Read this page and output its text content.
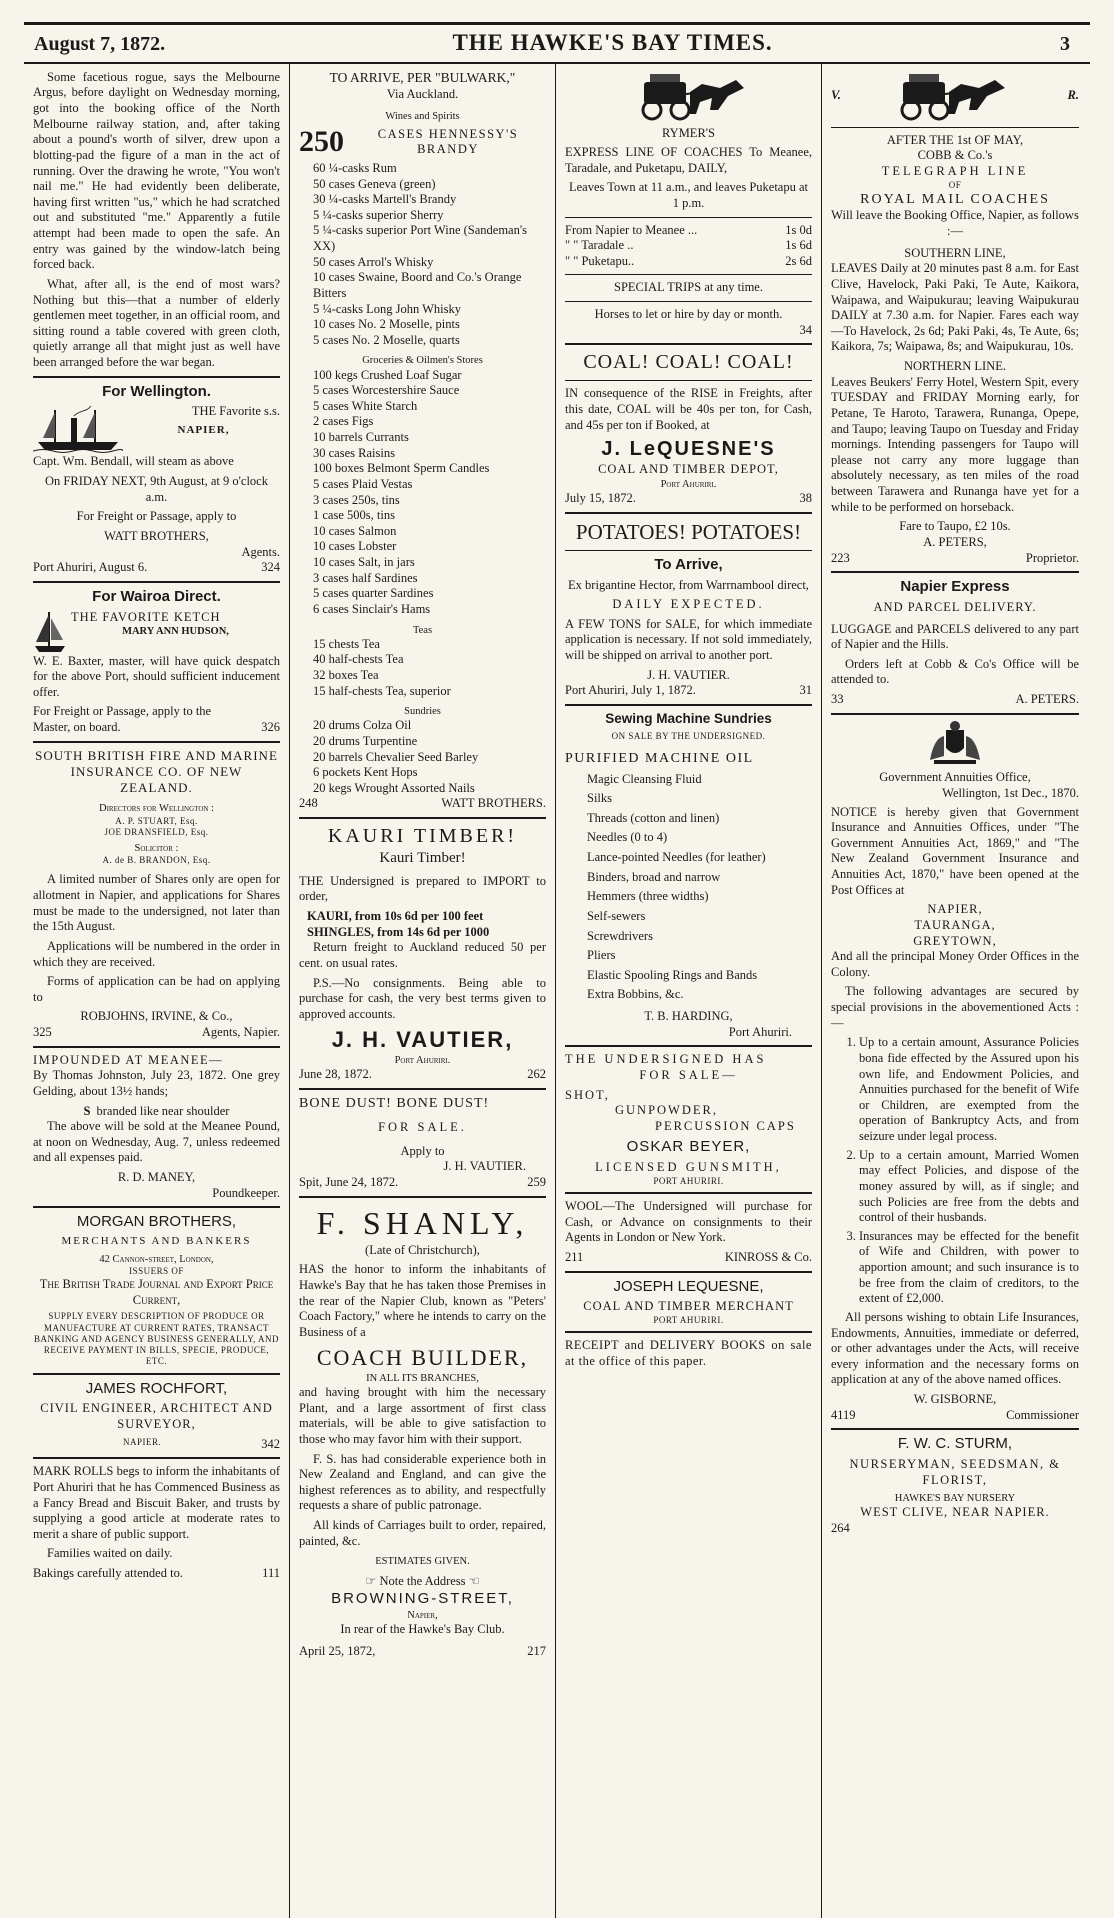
August 7, 1872.	THE HAWKE'S BAY TIMES.	3

Some facetious rogue, says the Melbourne Argus, before daylight on Wednesday morning, got into the booking office of the North Melbourne railway station, and, after taking about a pound's worth of silver, drew upon a blotting-pad the figure of a man in the act of running. Over the drawing he wrote, "You won't nail me." He had evidently been deliberate, having first written "us," which he had scratched out and substituted "me." Apparently a futile attempt had been made to open the safe. An entry was gained by the window-latch being forced back.

What, after all, is the end of most wars? Nothing but this—that a number of elderly gentlemen meet together, in an official room, and sitting round a table covered with green cloth, quietly arrange all that might just as well have been arranged before the war began.

For Wellington.
THE Favorite s.s.
NAPIER,

Capt. Wm. Bendall, will steam as above

On FRIDAY NEXT, 9th August, at 9 o'clock a.m.

For Freight or Passage, apply to

WATT BROTHERS,
Agents.
Port Ahuriri, August 6.	324
For Wairoa Direct.
THE FAVORITE KETCH
MARY ANN HUDSON,

W. E. Baxter, master, will have quick despatch for the above Port, should sufficient inducement offer.

For Freight or Passage, apply to the Master, on board.	326
SOUTH BRITISH FIRE AND MARINE INSURANCE CO. OF NEW ZEALAND.
Directors for Wellington :
A. P. STUART, Esq.
JOE DRANSFIELD, Esq.
Solicitor :
A. de B. BRANDON, Esq.

A limited number of Shares only are open for allotment in Napier, and applications for Shares must be made to the undersigned, not later than the 15th August.

Applications will be numbered in the order in which they are received.

Forms of application can be had on applying to

ROBJOHNS, IRVINE, & Co.,
325	Agents, Napier.
IMPOUNDED AT MEANEE—

By Thomas Johnston, July 23, 1872. One grey Gelding, about 13½ hands;

S branded like near shoulder

The above will be sold at the Meanee Pound, at noon on Wednesday, Aug. 7, unless redeemed and all expenses paid.

R. D. MANEY,
Poundkeeper.
MORGAN BROTHERS,
MERCHANTS AND BANKERS
42 Cannon-street, London,
ISSUERS OF
The British Trade Journal and Export Price Current,
SUPPLY EVERY DESCRIPTION OF PRODUCE OR MANUFACTURE AT CURRENT RATES, TRANSACT BANKING AND AGENCY BUSINESS GENERALLY, AND RECEIVE PAYMENT IN BILLS, SPECIE, PRODUCE, ETC.
JAMES ROCHFORT,
CIVIL ENGINEER, ARCHITECT AND SURVEYOR,
NAPIER.	342

MARK ROLLS begs to inform the inhabitants of Port Ahuriri that he has Commenced Business as a Fancy Bread and Biscuit Baker, and trusts by supplying a good article at moderate rates to merit a share of public support.

Families waited on daily.

Bakings carefully attended to.	111
TO ARRIVE, PER "BULWARK,"
Via Auckland.
Wines and Spirits
250	CASES HENNESSY'S BRANDY
60 ¼-casks Rum
50 cases Geneva (green)
30 ¼-casks Martell's Brandy
5 ¼-casks superior Sherry
5 ¼-casks superior Port Wine (Sandeman's XX)
50 cases Arrol's Whisky
10 cases Swaine, Boord and Co.'s Orange Bitters
5 ¼-casks Long John Whisky
10 cases No. 2 Moselle, pints
5 cases No. 2 Moselle, quarts
Groceries & Oilmen's Stores
100 kegs Crushed Loaf Sugar
5 cases Worcestershire Sauce
5 cases White Starch
2 cases Figs
10 barrels Currants
30 cases Raisins
100 boxes Belmont Sperm Candles
5 cases Plaid Vestas
3 cases 250s, tins
1 case 500s, tins
10 cases Salmon
10 cases Lobster
10 cases Salt, in jars
3 cases half Sardines
5 cases quarter Sardines
6 cases Sinclair's Hams
Teas
15 chests Tea
40 half-chests Tea
32 boxes Tea
15 half-chests Tea, superior
Sundries
20 drums Colza Oil
20 drums Turpentine
20 barrels Chevalier Seed Barley
6 pockets Kent Hops
20 kegs Wrought Assorted Nails
248	WATT BROTHERS.
KAURI TIMBER!
Kauri Timber!

THE Undersigned is prepared to IMPORT to order,

KAURI, from 10s 6d per 100 feet
SHINGLES, from 14s 6d per 1000

Return freight to Auckland reduced 50 per cent. on usual rates.

P.S.—No consignments. Being able to purchase for cash, the very best terms given to approved accounts.

J. H. VAUTIER,
Port Ahuriri.
June 28, 1872.	262
BONE DUST! BONE DUST!
FOR SALE.
Apply to
J. H. VAUTIER.
Spit, June 24, 1872.	259
F. SHANLY,
(Late of Christchurch),

HAS the honor to inform the inhabitants of Hawke's Bay that he has taken those Premises in the rear of the Napier Club, known as "Peters' Coach Factory," where he intends to carry on the Business of a

COACH BUILDER,
IN ALL ITS BRANCHES,

and having brought with him the necessary Plant, and a large assortment of first class materials, will be able to give satisfaction to those who may favor him with their support.

F. S. has had considerable experience both in New Zealand and England, and can give the highest references as to ability, and respectfully requests a share of public patronage.

All kinds of Carriages built to order, repaired, painted, &c.

ESTIMATES GIVEN.
☞ Note the Address ☜
BROWNING-STREET,
Napier,
In rear of the Hawke's Bay Club.
April 25, 1872,	217
RYMER'S

EXPRESS LINE OF COACHES To Meanee, Taradale, and Puketapu, DAILY,

Leaves Town at 11 a.m., and leaves Puketapu at 1 p.m.

From Napier to Meanee ...	1s 0d
" " Taradale ..	1s 6d
" " Puketapu..	2s 6d
SPECIAL TRIPS at any time.
Horses to let or hire by day or month.
34
COAL! COAL! COAL!

IN consequence of the RISE in Freights, after this date, COAL will be 40s per ton, for Cash, and 45s per ton if Booked, at

J. LeQUESNE'S
COAL AND TIMBER DEPOT,
Port Ahuriri.
July 15, 1872.	38
POTATOES! POTATOES!
To Arrive,
Ex brigantine Hector, from Warrnambool direct,
DAILY EXPECTED.

A FEW TONS for SALE, for which immediate application is necessary. If not sold immediately, will be shipped on arrival to another port.

J. H. VAUTIER.
Port Ahuriri, July 1, 1872.	31
Sewing Machine Sundries
ON SALE BY THE UNDERSIGNED.
PURIFIED MACHINE OIL
Magic Cleansing Fluid
Silks
Threads (cotton and linen)
Needles (0 to 4)
Lance-pointed Needles (for leather)
Binders, broad and narrow
Hemmers (three widths)
Self-sewers
Screwdrivers
Pliers
Elastic Spooling Rings and Bands
Extra Bobbins, &c.
T. B. HARDING,
Port Ahuriri.
THE UNDERSIGNED HAS
FOR SALE—
SHOT,
GUNPOWDER,
PERCUSSION CAPS
OSKAR BEYER,
LICENSED GUNSMITH,
PORT AHURIRI.

WOOL—The Undersigned will purchase for Cash, or Advance on consignments to their Agents in London or New York.

211	KINROSS & Co.
JOSEPH LEQUESNE,
COAL AND TIMBER MERCHANT
PORT AHURIRI.

RECEIPT and DELIVERY BOOKS on sale at the office of this paper.

V.	R.
AFTER THE 1st OF MAY,
COBB & Co.'s
TELEGRAPH LINE
OF
ROYAL MAIL COACHES
Will leave the Booking Office, Napier, as follows :—
SOUTHERN LINE,

LEAVES Daily at 20 minutes past 8 a.m. for East Clive, Havelock, Paki Paki, Te Aute, Kaikora, Waipawa, and Waipukurau; leaving Waipukurau DAILY at 7.30 a.m. for Napier. Fares each way—To Havelock, 2s 6d; Paki Paki, 4s, Te Aute, 6s; Kaikora, 7s; Waipawa, 8s; and Waipukurau, 10s.

NORTHERN LINE.

Leaves Beukers' Ferry Hotel, Western Spit, every TUESDAY and FRIDAY Morning early, for Petane, Te Haroto, Tarawera, Runanga, Opepe, and Taupo; leaving Taupo on Tuesday and Friday mornings. Intending passengers for Taupo will please not carry any more luggage than absolutely necessary, as ten miles of the road between Tarawera and Runanga have yet for a while to be performed on horseback.

Fare to Taupo, £2 10s.
A. PETERS,
223	Proprietor.
Napier Express
AND PARCEL DELIVERY.

LUGGAGE and PARCELS delivered to any part of Napier and the Hills.

Orders left at Cobb & Co's Office will be attended to.

33	A. PETERS.
Government Annuities Office,
Wellington, 1st Dec., 1870.

NOTICE is hereby given that Government Insurance and Annuities Offices, under "The Government Annuities Act, 1869," and "The New Zealand Government Insurance and Annuities Act, 1870," have been opened at the Post Offices at

NAPIER,
TAURANGA,
GREYTOWN,

And all the principal Money Order Offices in the Colony.

The following advantages are secured by special provisions in the abovementioned Acts :—

1. Up to a certain amount, Assurance Policies bona fide effected by the Assured upon his own life, and Endowment Policies, and Annuities purchased for the benefit of Wife or Children, are exempted from the operation of Bankruptcy Acts, and from seizure under legal process.
2. Up to a certain amount, Married Women may effect Policies, and dispose of the money assured by will, as if single; and such Policies are free from the debts and control of their husbands.
3. Insurances may be effected for the benefit of Wife and Children, with power to apportion amount; and such insurance is to be free from the claim of creditors, to the extent of £2,000.

All persons wishing to obtain Life Insurances, Endowments, Annuities, immediate or deferred, or other advantages under the Acts, will receive every information and the necessary forms on application at any of the above named offices.

W. GISBORNE,
4119	Commissioner
F. W. C. STURM,
NURSERYMAN, SEEDSMAN, & FLORIST,
HAWKE'S BAY NURSERY
WEST CLIVE, NEAR NAPIER.
264
